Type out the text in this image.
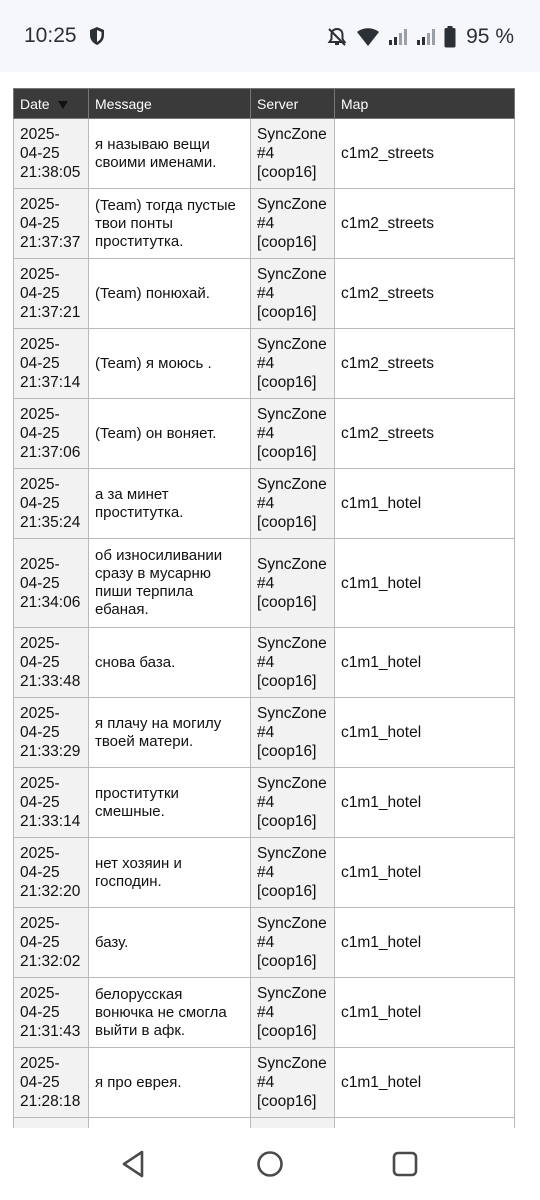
10:25	95 %
Date	Message	Server	Map
2025-04-25 21:38:05	я называю вещи своими именами.	SyncZone #4 [coop16]	c1m2_streets
2025-04-25 21:37:37	(Team) тогда пустые твои понты проститутка.	SyncZone #4 [coop16]	c1m2_streets
2025-04-25 21:37:21	(Team) понюхай.	SyncZone #4 [coop16]	c1m2_streets
2025-04-25 21:37:14	(Team) я моюсь .	SyncZone #4 [coop16]	c1m2_streets
2025-04-25 21:37:06	(Team) он воняет.	SyncZone #4 [coop16]	c1m2_streets
2025-04-25 21:35:24	а за минет проститутка.	SyncZone #4 [coop16]	c1m1_hotel
2025-04-25 21:34:06	об износиливании сразу в мусарню пиши терпила ебаная.	SyncZone #4 [coop16]	c1m1_hotel
2025-04-25 21:33:48	снова база.	SyncZone #4 [coop16]	c1m1_hotel
2025-04-25 21:33:29	я плачу на могилу твоей матери.	SyncZone #4 [coop16]	c1m1_hotel
2025-04-25 21:33:14	проститутки смешные.	SyncZone #4 [coop16]	c1m1_hotel
2025-04-25 21:32:20	нет хозяин и господин.	SyncZone #4 [coop16]	c1m1_hotel
2025-04-25 21:32:02	базу.	SyncZone #4 [coop16]	c1m1_hotel
2025-04-25 21:31:43	белорусская вонючка не смогла выйти в афк.	SyncZone #4 [coop16]	c1m1_hotel
2025-04-25 21:28:18	я про еврея.	SyncZone #4 [coop16]	c1m1_hotel
